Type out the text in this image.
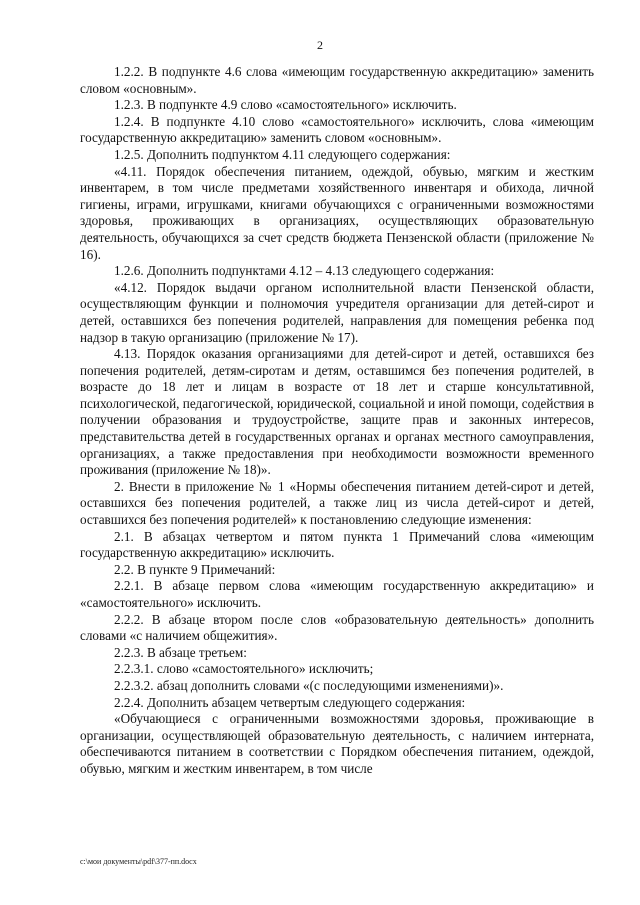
2

1.2.2. В подпункте 4.6 слова «имеющим государственную аккредитацию» заменить словом «основным».

1.2.3. В подпункте 4.9 слово «самостоятельного» исключить.

1.2.4. В подпункте 4.10 слово «самостоятельного» исключить, слова «имеющим государственную аккредитацию» заменить словом «основным».

1.2.5. Дополнить подпунктом 4.11 следующего содержания:

«4.11. Порядок обеспечения питанием, одеждой, обувью, мягким и жестким инвентарем, в том числе предметами хозяйственного инвентаря и обихода, личной гигиены, играми, игрушками, книгами обучающихся с ограниченными возможностями здоровья, проживающих в организациях, осуществляющих образовательную деятельность, обучающихся за счет средств бюджета Пензенской области (приложение № 16).

1.2.6. Дополнить подпунктами 4.12 – 4.13 следующего содержания:

«4.12. Порядок выдачи органом исполнительной власти Пензенской области, осуществляющим функции и полномочия учредителя организации для детей-сирот и детей, оставшихся без попечения родителей, направления для помещения ребенка под надзор в такую организацию (приложение № 17).

4.13. Порядок оказания организациями для детей-сирот и детей, оставшихся без попечения родителей, детям-сиротам и детям, оставшимся без попечения родителей, в возрасте до 18 лет и лицам в возрасте от 18 лет и старше консультативной, психологической, педагогической, юридической, социальной и иной помощи, содействия в получении образования и трудоустройстве, защите прав и законных интересов, представительства детей в государственных органах и органах местного самоуправления, организациях, а также предоставления при необходимости возможности временного проживания (приложение № 18)».

2. Внести в приложение № 1 «Нормы обеспечения питанием детей-сирот и детей, оставшихся без попечения родителей, а также лиц из числа детей-сирот и детей, оставшихся без попечения родителей» к постановлению следующие изменения:

2.1. В абзацах четвертом и пятом пункта 1 Примечаний слова «имеющим государственную аккредитацию» исключить.

2.2. В пункте 9 Примечаний:

2.2.1. В абзаце первом слова «имеющим государственную аккредитацию» и «самостоятельного» исключить.

2.2.2. В абзаце втором после слов «образовательную деятельность» дополнить словами «с наличием общежития».

2.2.3. В абзаце третьем:

2.2.3.1. слово «самостоятельного» исключить;

2.2.3.2. абзац дополнить словами «(с последующими изменениями)».

2.2.4. Дополнить абзацем четвертым следующего содержания:

«Обучающиеся с ограниченными возможностями здоровья, проживающие в организации, осуществляющей образовательную деятельность, с наличием интерната, обеспечиваются питанием в соответствии с Порядком обеспечения питанием, одеждой, обувью, мягким и жестким инвентарем, в том числе

c:\мои документы\pdf\377-пп.docx
